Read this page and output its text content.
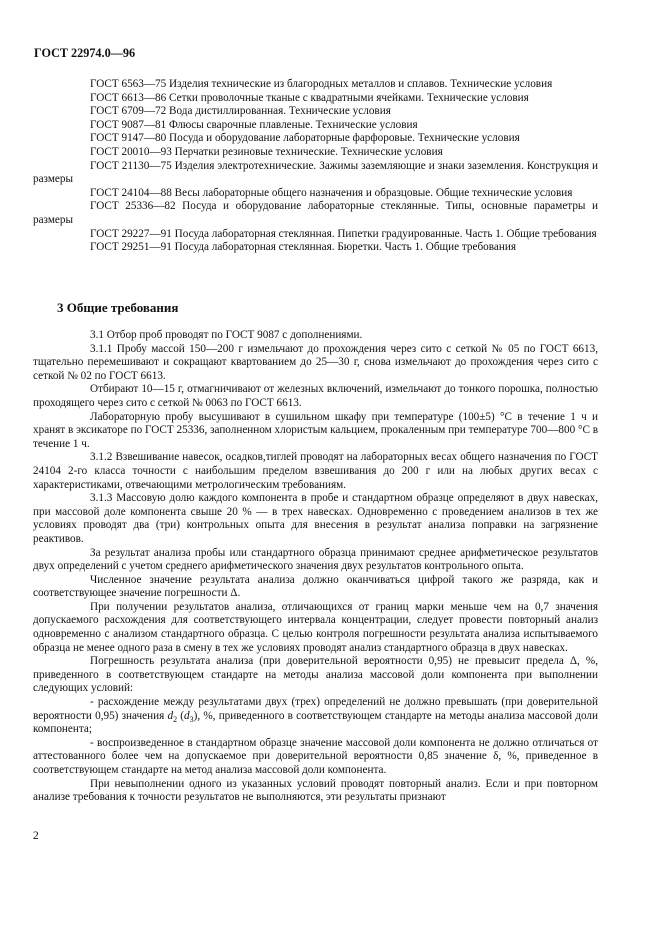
ГОСТ 22974.0—96

ГОСТ 6563—75 Изделия технические из благородных металлов и сплавов. Технические условия

ГОСТ 6613—86 Сетки проволочные тканые с квадратными ячейками. Технические условия

ГОСТ 6709—72 Вода дистиллированная. Технические условия

ГОСТ 9087—81 Флюсы сварочные плавленые. Технические условия

ГОСТ 9147—80 Посуда и оборудование лабораторные фарфоровые. Технические условия

ГОСТ 20010—93 Перчатки резиновые технические. Технические условия

ГОСТ 21130—75 Изделия электротехнические. Зажимы заземляющие и знаки заземления. Конструкция и размеры

ГОСТ 24104—88 Весы лабораторные общего назначения и образцовые. Общие технические условия

ГОСТ 25336—82 Посуда и оборудование лабораторные стеклянные. Типы, основные параметры и размеры

ГОСТ 29227—91 Посуда лабораторная стеклянная. Пипетки градуированные. Часть 1. Общие требования

ГОСТ 29251—91 Посуда лабораторная стеклянная. Бюретки. Часть 1. Общие требования

3 Общие требования

3.1 Отбор проб проводят по ГОСТ 9087 с дополнениями.

3.1.1 Пробу массой 150—200 г измельчают до прохождения через сито с сеткой № 05 по ГОСТ 6613, тщательно перемешивают и сокращают квартованием до 25—30 г, снова измельчают до прохождения через сито с сеткой № 02 по ГОСТ 6613.

Отбирают 10—15 г, отмагничивают от железных включений, измельчают до тонкого порошка, полностью проходящего через сито с сеткой № 0063 по ГОСТ 6613.

Лабораторную пробу высушивают в сушильном шкафу при температуре (100±5) °С в течение 1 ч и хранят в эксикаторе по ГОСТ 25336, заполненном хлористым кальцием, прокаленным при температуре 700—800 °С в течение 1 ч.

3.1.2 Взвешивание навесок, осадков,тиглей проводят на лабораторных весах общего назначения по ГОСТ 24104 2-го класса точности с наибольшим пределом взвешивания до 200 г или на любых других весах с характеристиками, отвечающими метрологическим требованиям.

3.1.3 Массовую долю каждого компонента в пробе и стандартном образце определяют в двух навесках, при массовой доле компонента свыше 20 % — в трех навесках. Одновременно с проведением анализов в тех же условиях проводят два (три) контрольных опыта для внесения в результат анализа поправки на загрязнение реактивов.

За результат анализа пробы или стандартного образца принимают среднее арифметическое результатов двух определений с учетом среднего арифметического значения двух результатов контрольного опыта.

Численное значение результата анализа должно оканчиваться цифрой такого же разряда, как и соответствующее значение погрешности Δ.

При получении результатов анализа, отличающихся от границ марки меньше чем на 0,7 значения допускаемого расхождения для соответствующего интервала концентрации, следует провести повторный анализ одновременно с анализом стандартного образца. С целью контроля погрешности результата анализа испытываемого образца не менее одного раза в смену в тех же условиях проводят анализ стандартного образца в двух навесках.

Погрешность результата анализа (при доверительной вероятности 0,95) не превысит предела Δ, %, приведенного в соответствующем стандарте на методы анализа массовой доли компонента при выполнении следующих условий:

- расхождение между результатами двух (трех) определений не должно превышать (при доверительной вероятности 0,95) значения $d_2$ $(d_3)$, %, приведенного в соответствующем стандарте на методы анализа массовой доли компонента;

- воспроизведенное в стандартном образце значение массовой доли компонента не должно отличаться от аттестованного более чем на допускаемое при доверительной вероятности 0,85 значение δ, %, приведенное в соответствующем стандарте на метод анализа массовой доли компонента.

При невыполнении одного из указанных условий проводят повторный анализ. Если и при повторном анализе требования к точности результатов не выполняются, эти результаты признают

2
